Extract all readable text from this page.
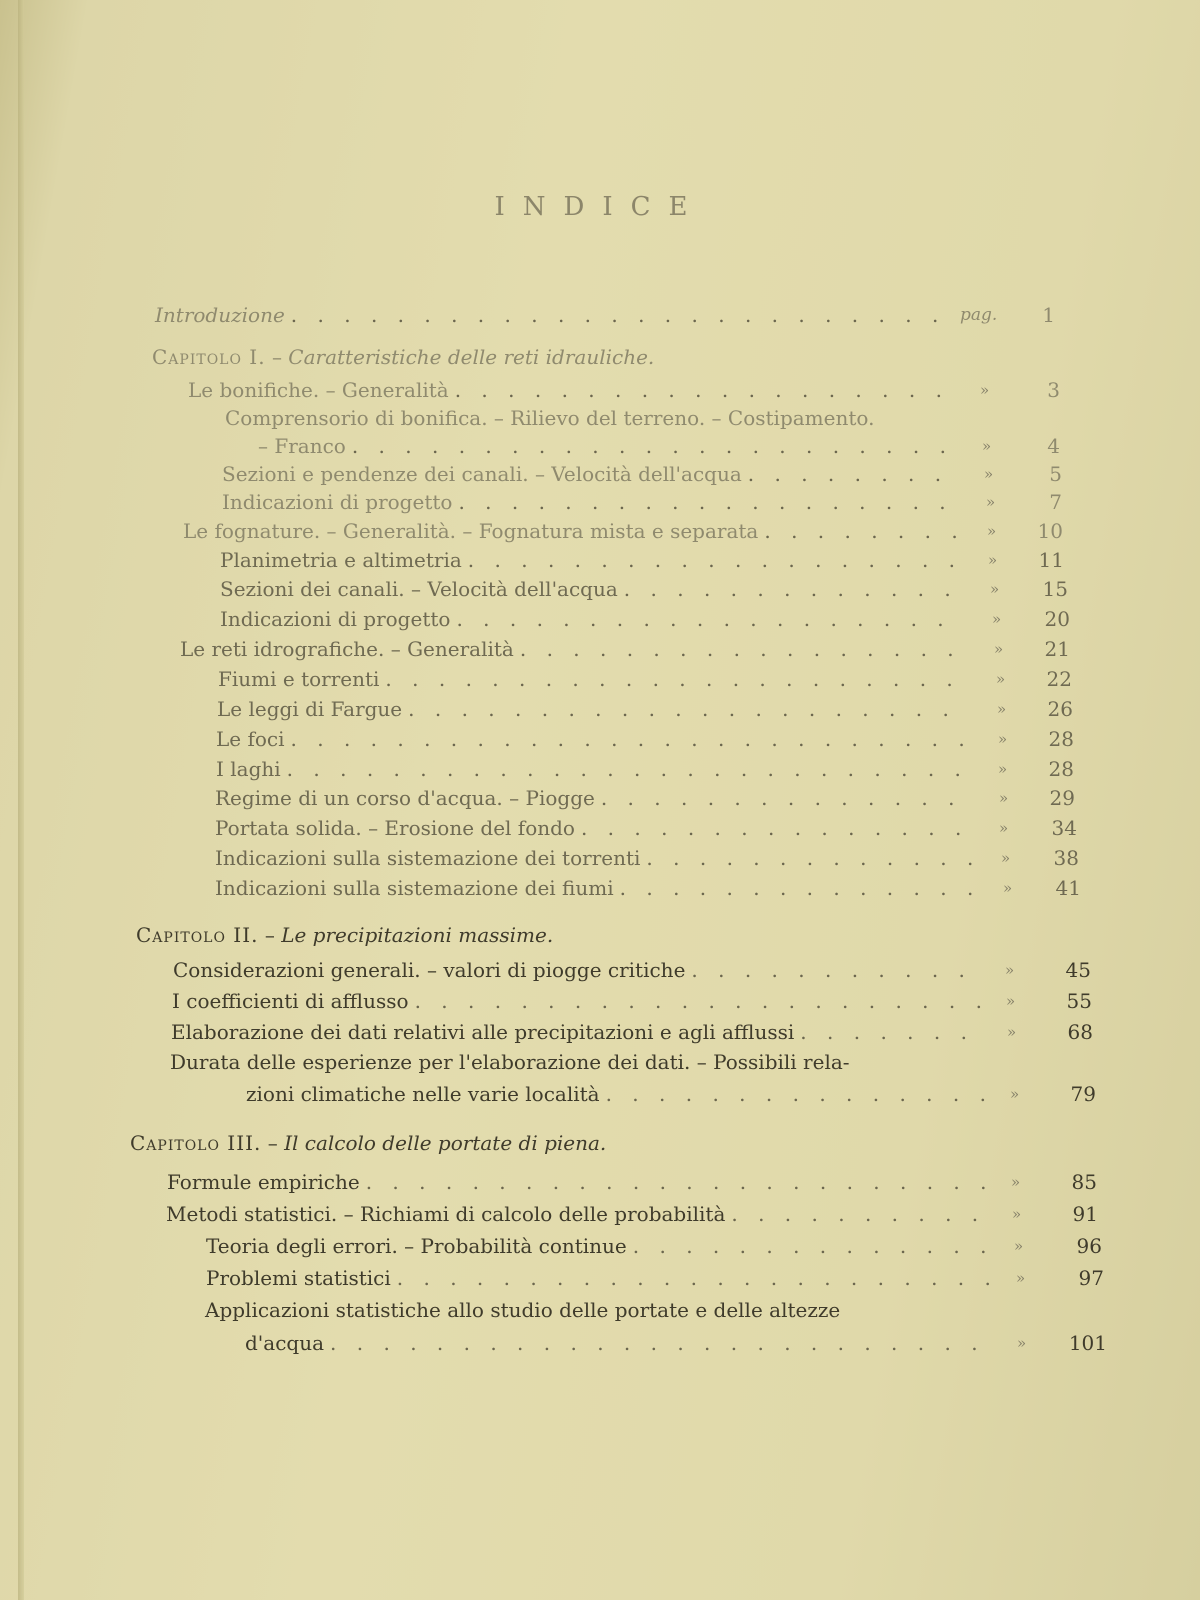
INDICE
Introduzione . . .	pag.	1
Capitolo I. – Caratteristiche delle reti idrauliche.
Le bonifiche. – Generalità . . .	»	3
Comprensorio di bonifica. – Rilievo del terreno. – Costipamento.
– Franco . . .	»	4
Sezioni e pendenze dei canali. – Velocità dell'acqua . . .	»	5
Indicazioni di progetto . . .	»	7
Le fognature. – Generalità. – Fognatura mista e separata . . .	»	10
Planimetria e altimetria . . .	»	11
Sezioni dei canali. – Velocità dell'acqua . . .	»	15
Indicazioni di progetto . . .	»	20
Le reti idrografiche. – Generalità . . .	»	21
Fiumi e torrenti . . .	»	22
Le leggi di Fargue . . .	»	26
Le foci . . .	»	28
I laghi . . .	»	28
Regime di un corso d'acqua. – Piogge . . .	»	29
Portata solida. – Erosione del fondo . . .	»	34
Indicazioni sulla sistemazione dei torrenti . . .	»	38
Indicazioni sulla sistemazione dei fiumi . . .	»	41
Capitolo II. – Le precipitazioni massime.
Considerazioni generali. – valori di piogge critiche . . .	»	45
I coefficienti di afflusso . . .	»	55
Elaborazione dei dati relativi alle precipitazioni e agli afflussi . . .	»	68
Durata delle esperienze per l'elaborazione dei dati. – Possibili rela-
zioni climatiche nelle varie località . . .	»	79
Capitolo III. – Il calcolo delle portate di piena.
Formule empiriche . . .	»	85
Metodi statistici. – Richiami di calcolo delle probabilità . . .	»	91
Teoria degli errori. – Probabilità continue . . .	»	96
Problemi statistici . . .	»	97
Applicazioni statistiche allo studio delle portate e delle altezze
d'acqua . . .	»	101
